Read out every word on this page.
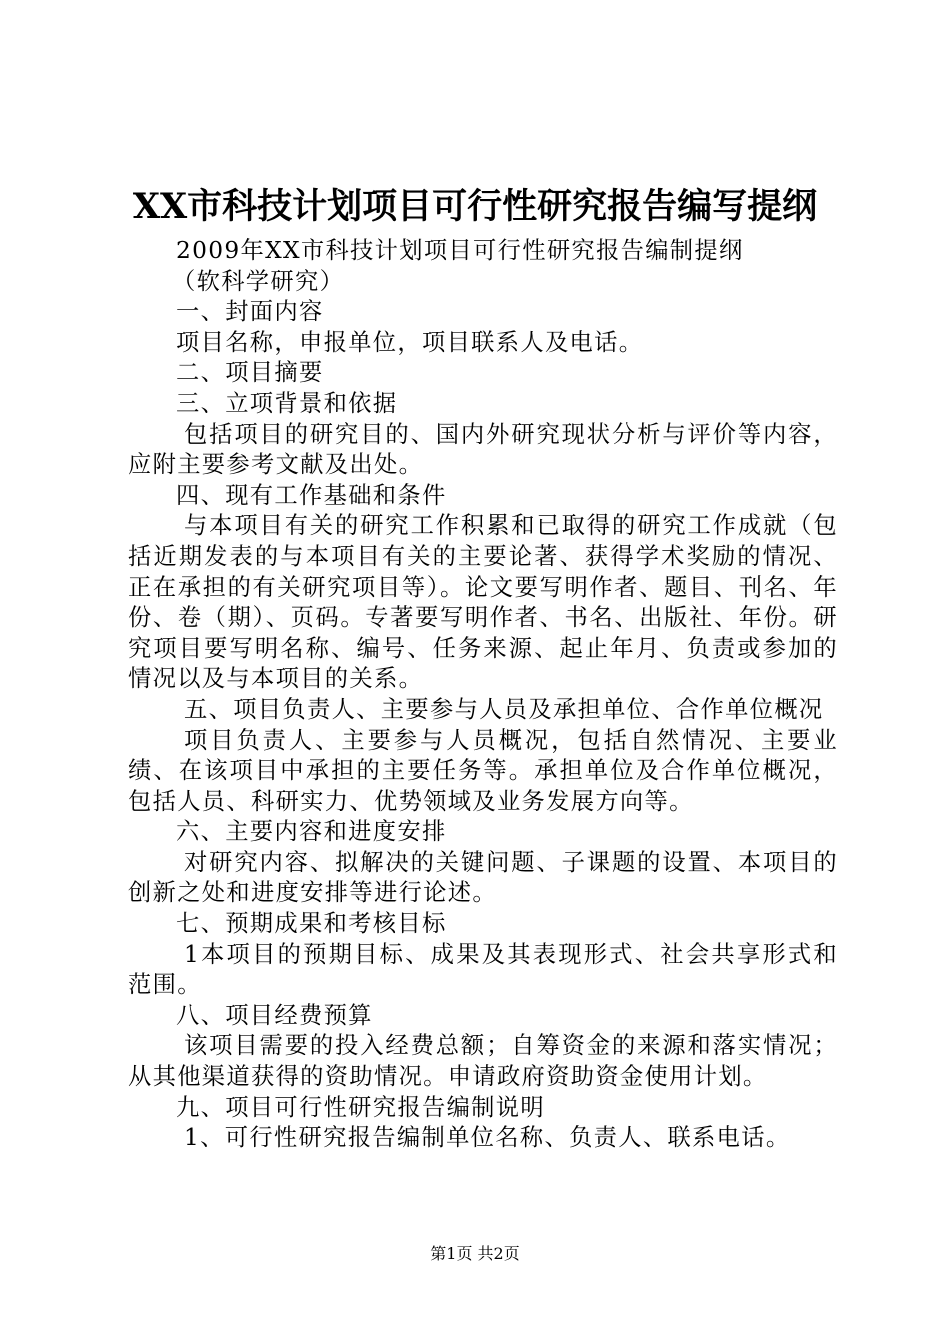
XX市科技计划项目可行性研究报告编写提纲

2009年XX市科技计划项目可行性研究报告编制提纲

（软科学研究）

一、封面内容

项目名称，申报单位，项目联系人及电话。

二、项目摘要

三、立项背景和依据

包括项目的研究目的、国内外研究现状分析与评价等内容，应附主要参考文献及出处。

四、现有工作基础和条件

与本项目有关的研究工作积累和已取得的研究工作成就（包括近期发表的与本项目有关的主要论著、获得学术奖励的情况、正在承担的有关研究项目等）。论文要写明作者、题目、刊名、年份、卷（期）、页码。专著要写明作者、书名、出版社、年份。研究项目要写明名称、编号、任务来源、起止年月、负责或参加的情况以及与本项目的关系。

五、项目负责人、主要参与人员及承担单位、合作单位概况

项目负责人、主要参与人员概况，包括自然情况、主要业绩、在该项目中承担的主要任务等。承担单位及合作单位概况，包括人员、科研实力、优势领域及业务发展方向等。

六、主要内容和进度安排

对研究内容、拟解决的关键问题、子课题的设置、本项目的创新之处和进度安排等进行论述。

七、预期成果和考核目标

1本项目的预期目标、成果及其表现形式、社会共享形式和范围。

八、项目经费预算

该项目需要的投入经费总额；自筹资金的来源和落实情况；从其他渠道获得的资助情况。申请政府资助资金使用计划。

九、项目可行性研究报告编制说明

1、可行性研究报告编制单位名称、负责人、联系电话。

第1页 共2页
